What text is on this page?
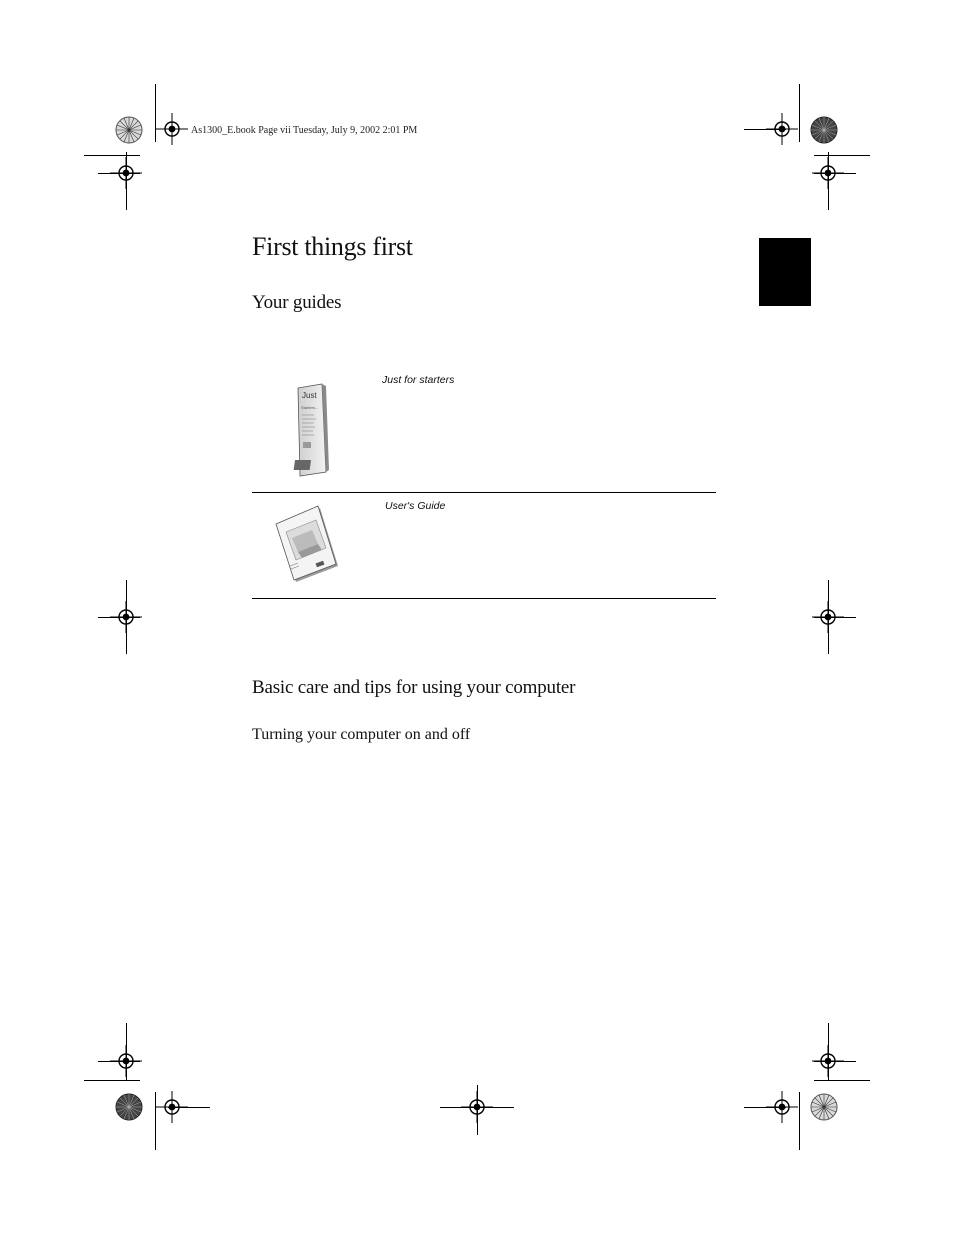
As1300_E.book Page vii Tuesday, July 9, 2002 2:01 PM
First things first
Your guides
Just
Starters...
Just for starters
User's Guide
Basic care and tips for using your computer
Turning your computer on and off
